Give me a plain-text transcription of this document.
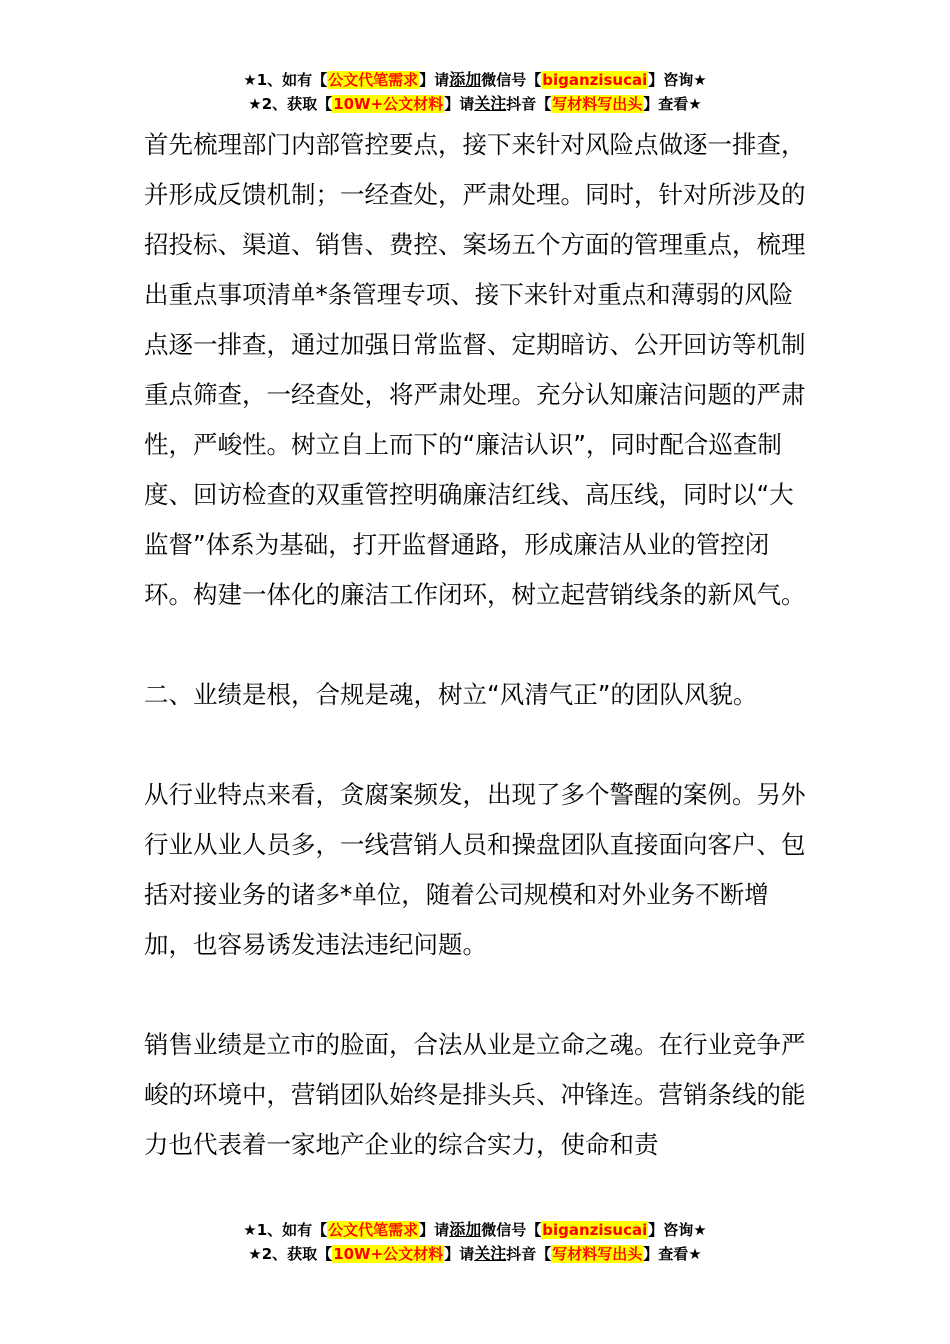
★1、如有【公文代笔需求】请添加微信号【biganzisucai】咨询★
★2、获取【10W+公文材料】请关注抖音【写材料写出头】查看★

首先梳理部门内部管控要点，接下来针对风险点做逐一排查，并形成反馈机制；一经查处，严肃处理。同时，针对所涉及的招投标、渠道、销售、费控、案场五个方面的管理重点，梳理出重点事项清单*条管理专项、接下来针对重点和薄弱的风险点逐一排查，通过加强日常监督、定期暗访、公开回访等机制重点筛查，一经查处，将严肃处理。充分认知廉洁问题的严肃性，严峻性。树立自上而下的“廉洁认识”，同时配合巡查制度、回访检查的双重管控明确廉洁红线、高压线，同时以“大监督”体系为基础，打开监督通路，形成廉洁从业的管控闭环。构建一体化的廉洁工作闭环，树立起营销线条的新风气。

二、业绩是根，合规是魂，树立“风清气正”的团队风貌。

从行业特点来看，贪腐案频发，出现了多个警醒的案例。另外行业从业人员多，一线营销人员和操盘团队直接面向客户、包括对接业务的诸多*单位，随着公司规模和对外业务不断增加，也容易诱发违法违纪问题。

销售业绩是立市的脸面，合法从业是立命之魂。在行业竞争严峻的环境中，营销团队始终是排头兵、冲锋连。营销条线的能力也代表着一家地产企业的综合实力，使命和责

★1、如有【公文代笔需求】请添加微信号【biganzisucai】咨询★
★2、获取【10W+公文材料】请关注抖音【写材料写出头】查看★
